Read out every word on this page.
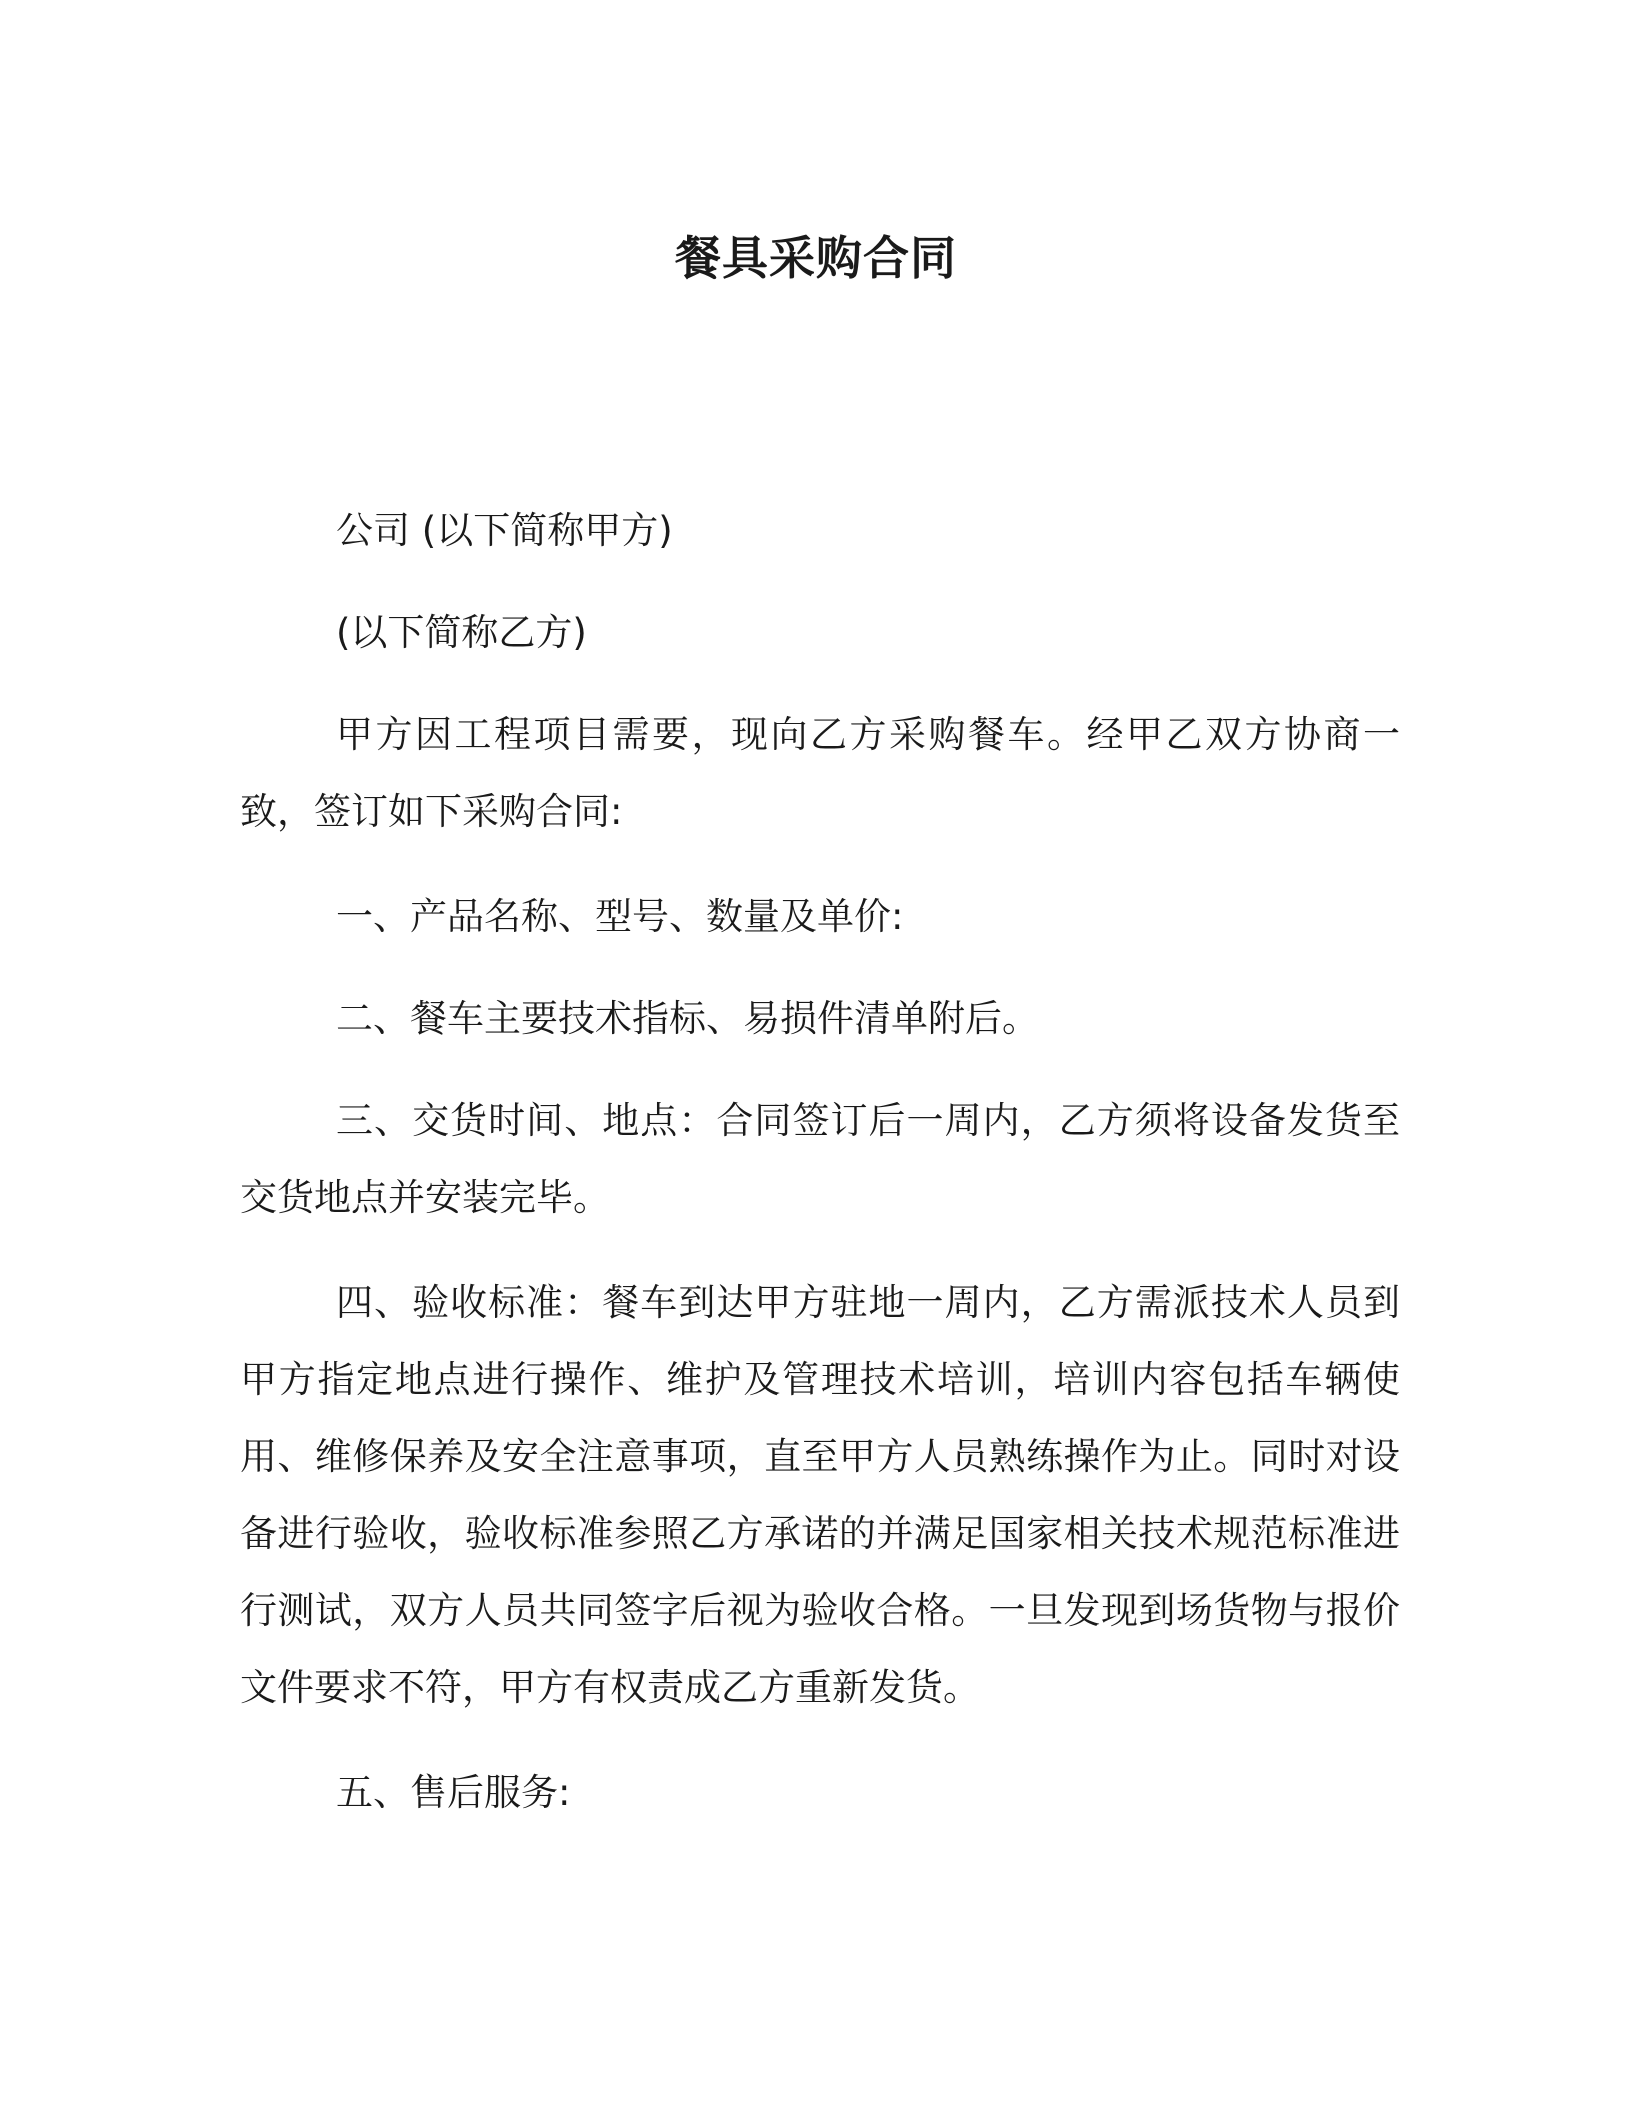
餐具采购合同

公司 (以下简称甲方)

(以下简称乙方)

甲方因工程项目需要，现向乙方采购餐车。经甲乙双方协商一致，签订如下采购合同:

一、产品名称、型号、数量及单价:

二、餐车主要技术指标、易损件清单附后。

三、交货时间、地点：合同签订后一周内，乙方须将设备发货至交货地点并安装完毕。

四、验收标准：餐车到达甲方驻地一周内，乙方需派技术人员到甲方指定地点进行操作、维护及管理技术培训，培训内容包括车辆使用、维修保养及安全注意事项，直至甲方人员熟练操作为止。同时对设备进行验收，验收标准参照乙方承诺的并满足国家相关技术规范标准进行测试，双方人员共同签字后视为验收合格。一旦发现到场货物与报价文件要求不符，甲方有权责成乙方重新发货。

五、售后服务:
